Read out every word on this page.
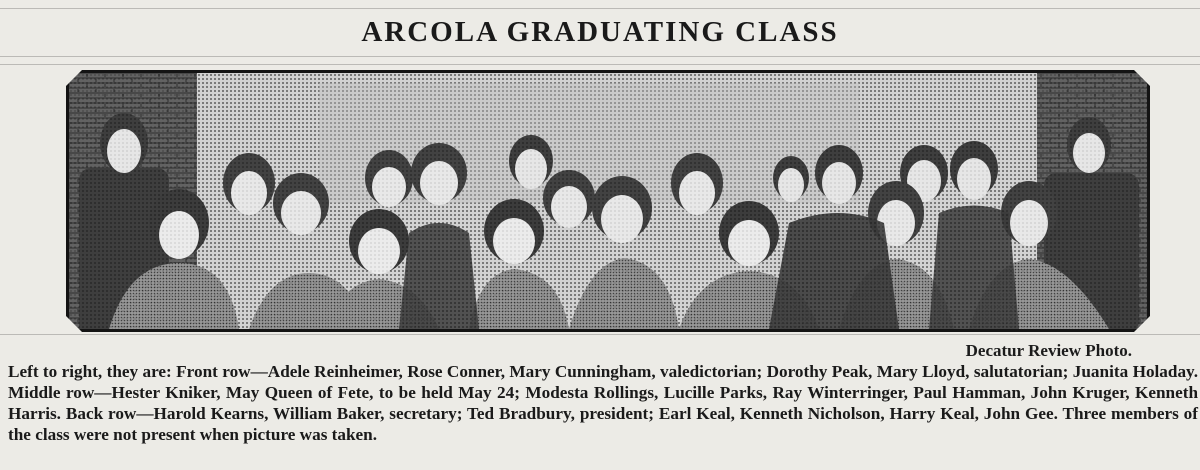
ARCOLA GRADUATING CLASS
Decatur Review Photo.
Left to right, they are: Front row—Adele Reinheimer, Rose Conner, Mary Cunningham, valedictorian; Dorothy Peak, Mary Lloyd, salutatorian; Juanita Holaday. Middle row—Hester Kniker, May Queen of Fete, to be held May 24; Modesta Rollings, Lucille Parks, Ray Winterringer, Paul Hamman, John Kruger, Kenneth Harris. Back row—Harold Kearns, William Baker, secretary; Ted Bradbury, president; Earl Keal, Kenneth Nicholson, Harry Keal, John Gee. Three members of the class were not present when picture was taken.
